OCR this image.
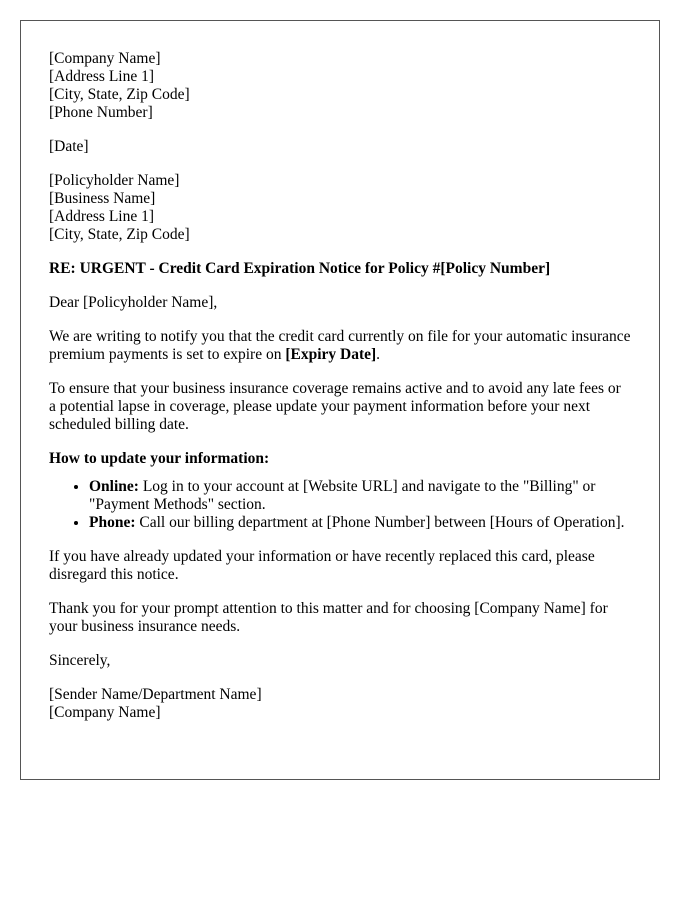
[Company Name]
[Address Line 1]
[City, State, Zip Code]
[Phone Number]
[Date]
[Policyholder Name]
[Business Name]
[Address Line 1]
[City, State, Zip Code]

RE: URGENT - Credit Card Expiration Notice for Policy #[Policy Number]

Dear [Policyholder Name],

We are writing to notify you that the credit card currently on file for your automatic insurance premium payments is set to expire on [Expiry Date].

To ensure that your business insurance coverage remains active and to avoid any late fees or a potential lapse in coverage, please update your payment information before your next scheduled billing date.

How to update your information:

• Online: Log in to your account at [Website URL] and navigate to the "Billing" or "Payment Methods" section.
• Phone: Call our billing department at [Phone Number] between [Hours of Operation].

If you have already updated your information or have recently replaced this card, please disregard this notice.

Thank you for your prompt attention to this matter and for choosing [Company Name] for your business insurance needs.

Sincerely,

[Sender Name/Department Name]
[Company Name]
